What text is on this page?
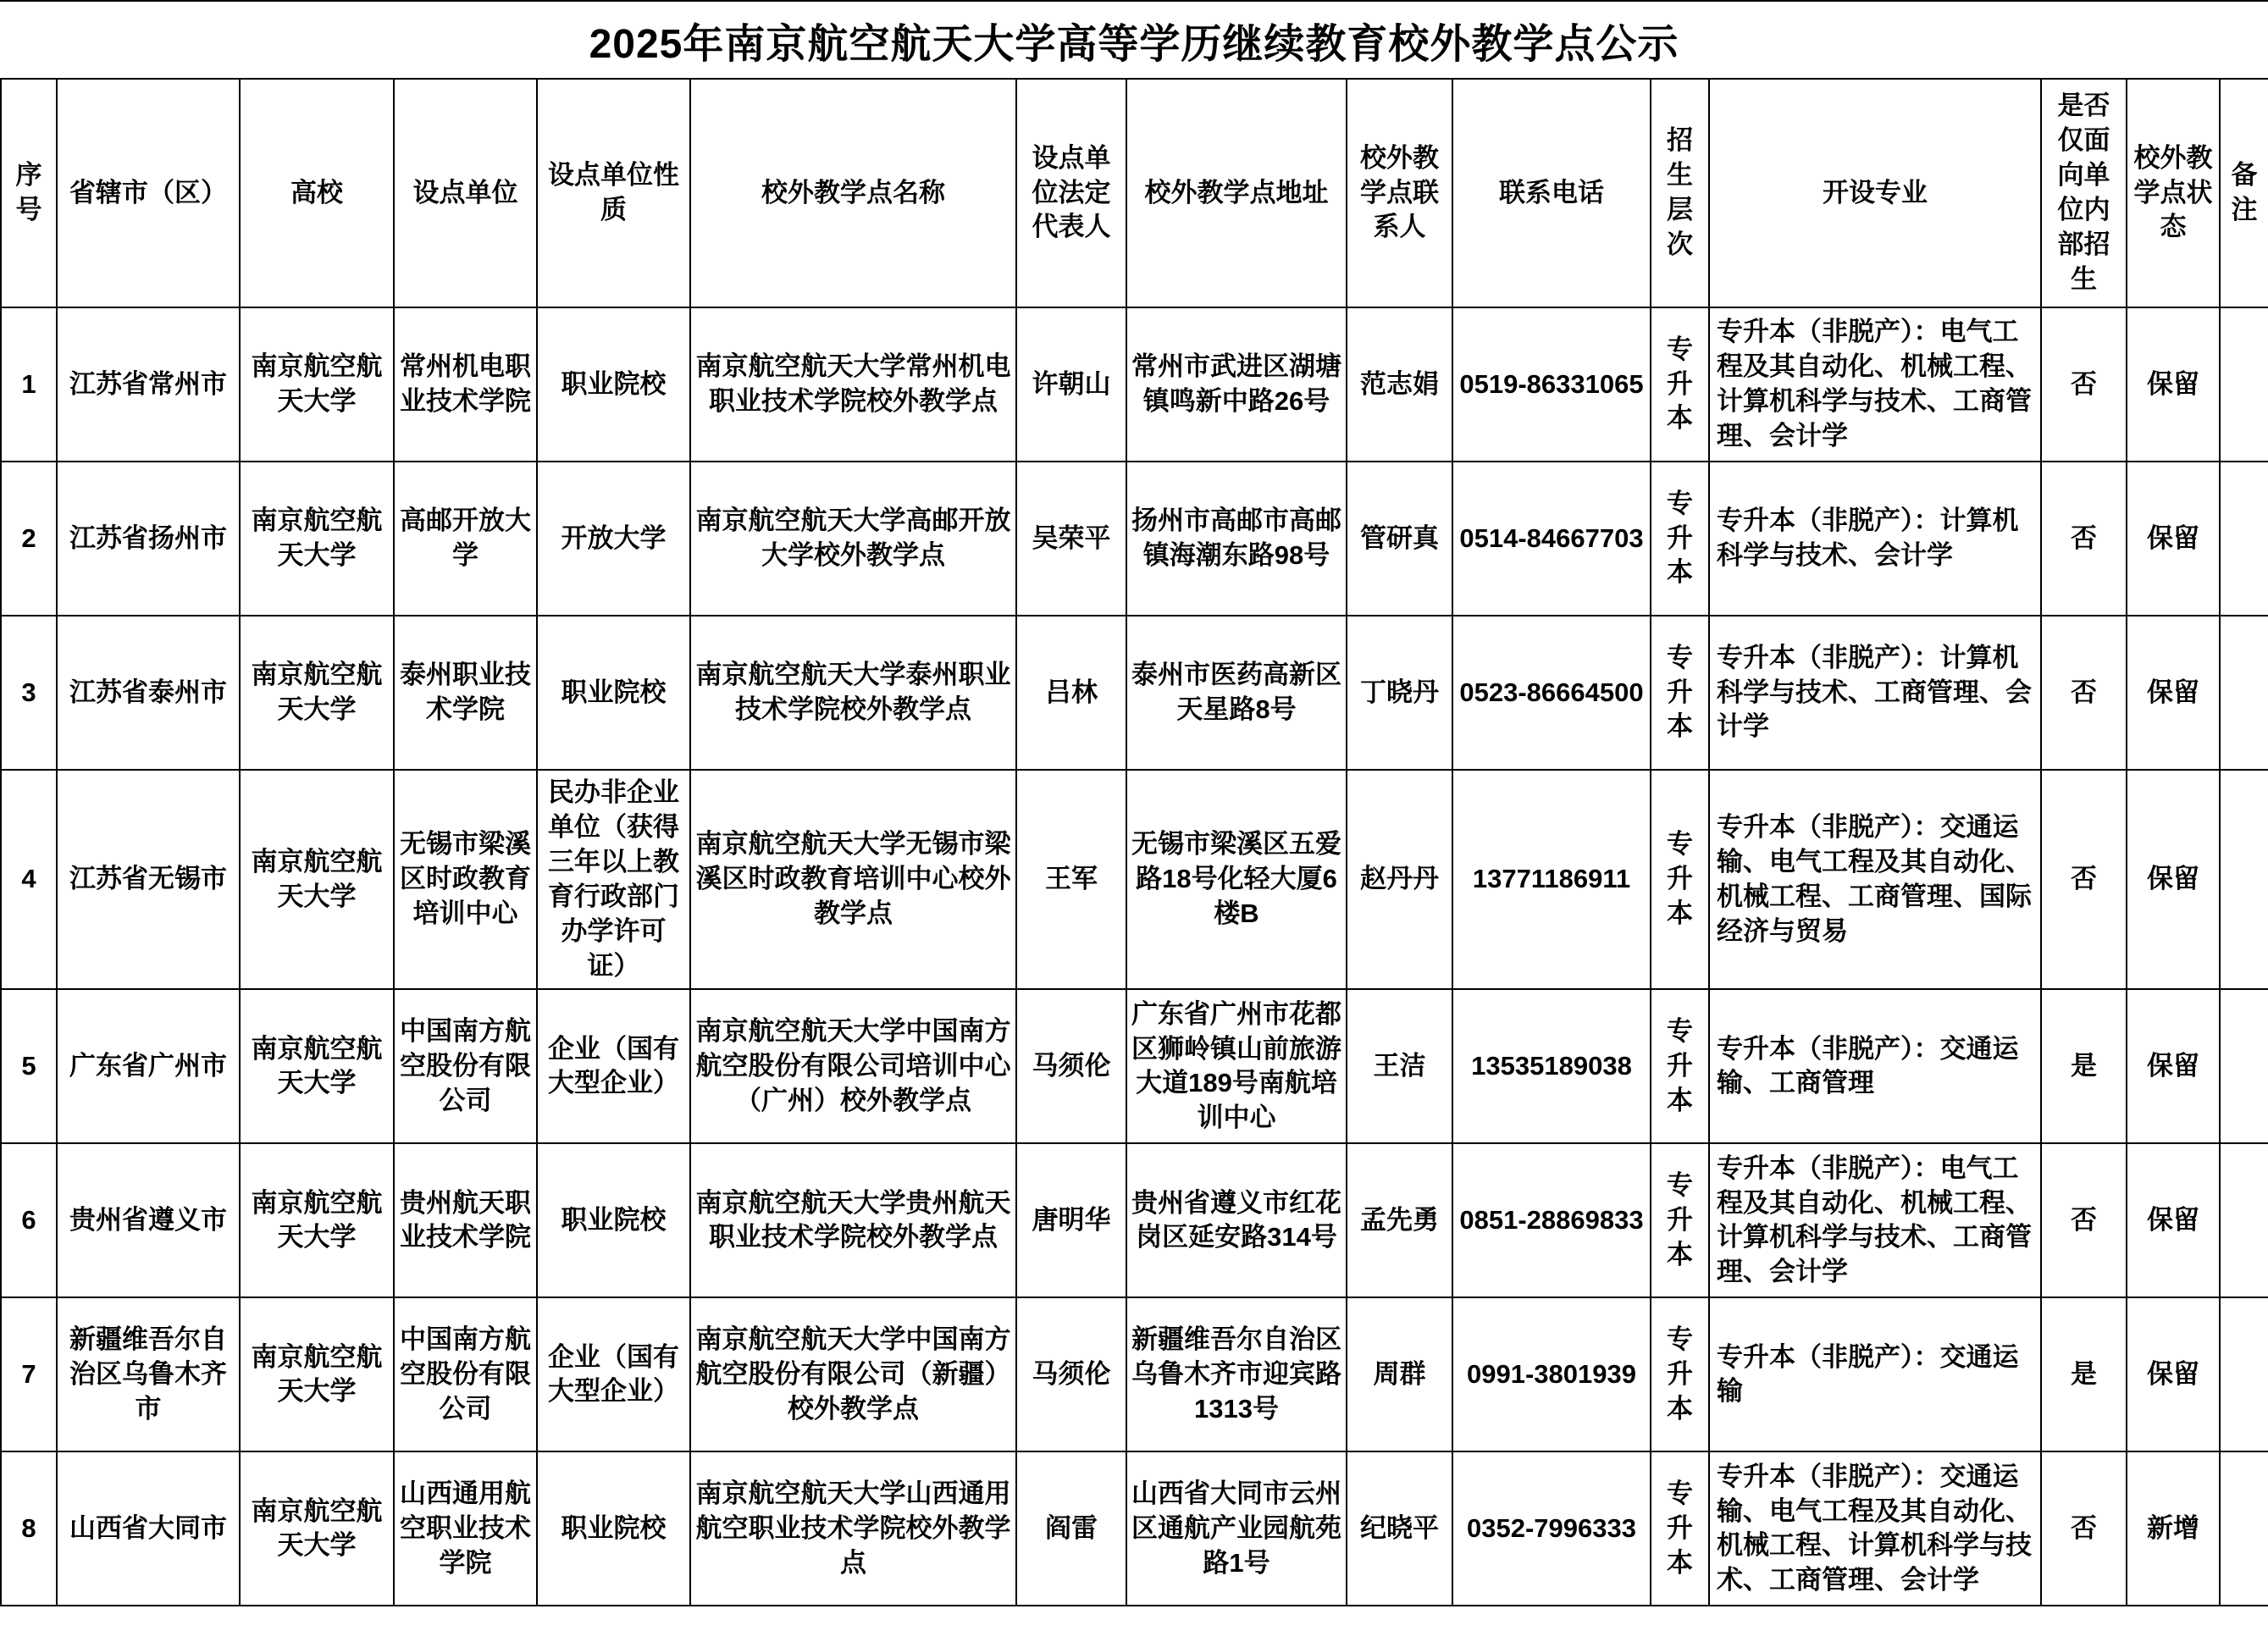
2025年南京航空航天大学高等学历继续教育校外教学点公示
序号	省辖市（区）	高校	设点单位	设点单位性质	校外教学点名称	设点单位法定代表人	校外教学点地址	校外教学点联系人	联系电话	招生层次	开设专业	是否仅面向单位内部招生	校外教学点状态	备注
1	江苏省常州市	南京航空航天大学	常州机电职业技术学院	职业院校	南京航空航天大学常州机电职业技术学院校外教学点	许朝山	常州市武进区湖塘镇鸣新中路26号	范志娟	0519-86331065	专升本	专升本（非脱产）：电气工程及其自动化、机械工程、计算机科学与技术、工商管理、会计学	否	保留	
2	江苏省扬州市	南京航空航天大学	高邮开放大学	开放大学	南京航空航天大学高邮开放大学校外教学点	吴荣平	扬州市高邮市高邮镇海潮东路98号	管研真	0514-84667703	专升本	专升本（非脱产）：计算机科学与技术、会计学	否	保留	
3	江苏省泰州市	南京航空航天大学	泰州职业技术学院	职业院校	南京航空航天大学泰州职业技术学院校外教学点	吕林	泰州市医药高新区天星路8号	丁晓丹	0523-86664500	专升本	专升本（非脱产）：计算机科学与技术、工商管理、会计学	否	保留	
4	江苏省无锡市	南京航空航天大学	无锡市梁溪区时政教育培训中心	民办非企业单位（获得三年以上教育行政部门办学许可证）	南京航空航天大学无锡市梁溪区时政教育培训中心校外教学点	王军	无锡市梁溪区五爱路18号化轻大厦6楼B	赵丹丹	13771186911	专升本	专升本（非脱产）：交通运输、电气工程及其自动化、机械工程、工商管理、国际经济与贸易	否	保留	
5	广东省广州市	南京航空航天大学	中国南方航空股份有限公司	企业（国有大型企业）	南京航空航天大学中国南方航空股份有限公司培训中心（广州）校外教学点	马须伦	广东省广州市花都区狮岭镇山前旅游大道189号南航培训中心	王洁	13535189038	专升本	专升本（非脱产）：交通运输、工商管理	是	保留	
6	贵州省遵义市	南京航空航天大学	贵州航天职业技术学院	职业院校	南京航空航天大学贵州航天职业技术学院校外教学点	唐明华	贵州省遵义市红花岗区延安路314号	孟先勇	0851-28869833	专升本	专升本（非脱产）：电气工程及其自动化、机械工程、计算机科学与技术、工商管理、会计学	否	保留	
7	新疆维吾尔自治区乌鲁木齐市	南京航空航天大学	中国南方航空股份有限公司	企业（国有大型企业）	南京航空航天大学中国南方航空股份有限公司（新疆）校外教学点	马须伦	新疆维吾尔自治区乌鲁木齐市迎宾路1313号	周群	0991-3801939	专升本	专升本（非脱产）：交通运输	是	保留	
8	山西省大同市	南京航空航天大学	山西通用航空职业技术学院	职业院校	南京航空航天大学山西通用航空职业技术学院校外教学点	阎雷	山西省大同市云州区通航产业园航苑路1号	纪晓平	0352-7996333	专升本	专升本（非脱产）：交通运输、电气工程及其自动化、机械工程、计算机科学与技术、工商管理、会计学	否	新增	
